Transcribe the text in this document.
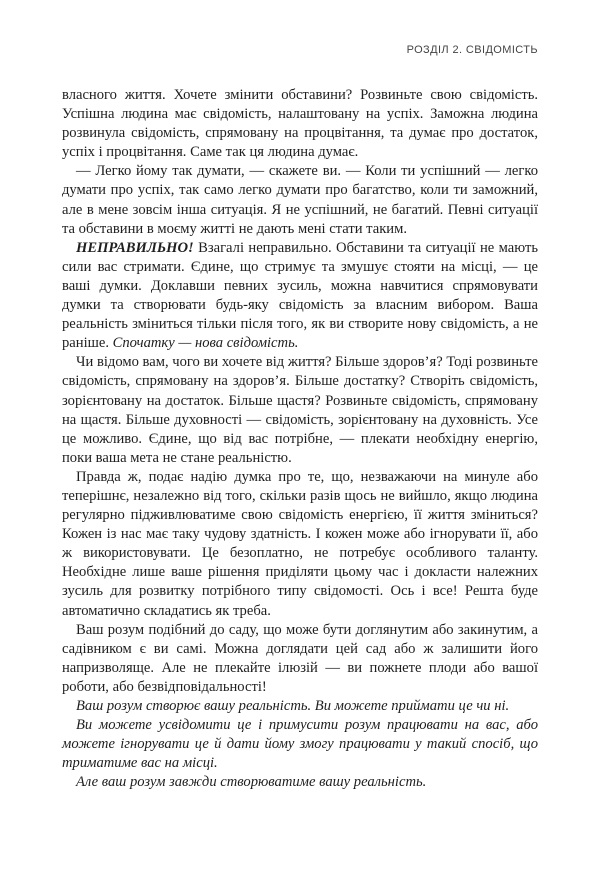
РОЗДІЛ 2. СВІДОМІСТЬ

власного життя. Хочете змінити обставини? Розвиньте свою свідомість. Успішна людина має свідомість, налаштовану на успіх. Заможна людина розвинула свідомість, спрямовану на процвітання, та думає про достаток, успіх і процвітання. Саме так ця людина думає.

— Легко йому так думати, — скажете ви. — Коли ти успішний — легко думати про успіх, так само легко думати про багатство, коли ти заможний, але в мене зовсім інша ситуація. Я не успішний, не багатий. Певні ситуації та обставини в моєму житті не дають мені стати таким.

НЕПРАВИЛЬНО! Взагалі неправильно. Обставини та ситуації не мають сили вас стримати. Єдине, що стримує та змушує стояти на місці, — це ваші думки. Доклавши певних зусиль, можна навчитися спрямовувати думки та створювати будь-яку свідомість за власним вибором. Ваша реальність зміниться тільки після того, як ви створите нову свідомість, а не раніше. Спочатку — нова свідомість.

Чи відомо вам, чого ви хочете від життя? Більше здоров’я? Тоді розвиньте свідомість, спрямовану на здоров’я. Більше достатку? Створіть свідомість, зорієнтовану на достаток. Більше щастя? Розвиньте свідомість, спрямовану на щастя. Більше духовності — свідомість, зорієнтовану на духовність. Усе це можливо. Єдине, що від вас потрібне, — плекати необхідну енергію, поки ваша мета не стане реальністю.

Правда ж, подає надію думка про те, що, незважаючи на минуле або теперішнє, незалежно від того, скільки разів щось не вийшло, якщо людина регулярно підживлюватиме свою свідомість енергією, її життя зміниться? Кожен із нас має таку чудову здатність. І кожен може або ігнорувати її, або ж використовувати. Це безоплатно, не потребує особливого таланту. Необхідне лише ваше рішення приділяти цьому час і докласти належних зусиль для розвитку потрібного типу свідомості. Ось і все! Решта буде автоматично складатись як треба.

Ваш розум подібний до саду, що може бути доглянутим або закинутим, а садівником є ви самі. Можна доглядати цей сад або ж залишити його напризволяще. Але не плекайте ілюзій — ви пожнете плоди або вашої роботи, або безвідповідальності!

Ваш розум створює вашу реальність. Ви можете приймати це чи ні.

Ви можете усвідомити це і примусити розум працювати на вас, або можете ігнорувати це й дати йому змогу працювати у такий спосіб, що триматиме вас на місці.

Але ваш розум завжди створюватиме вашу реальність.
